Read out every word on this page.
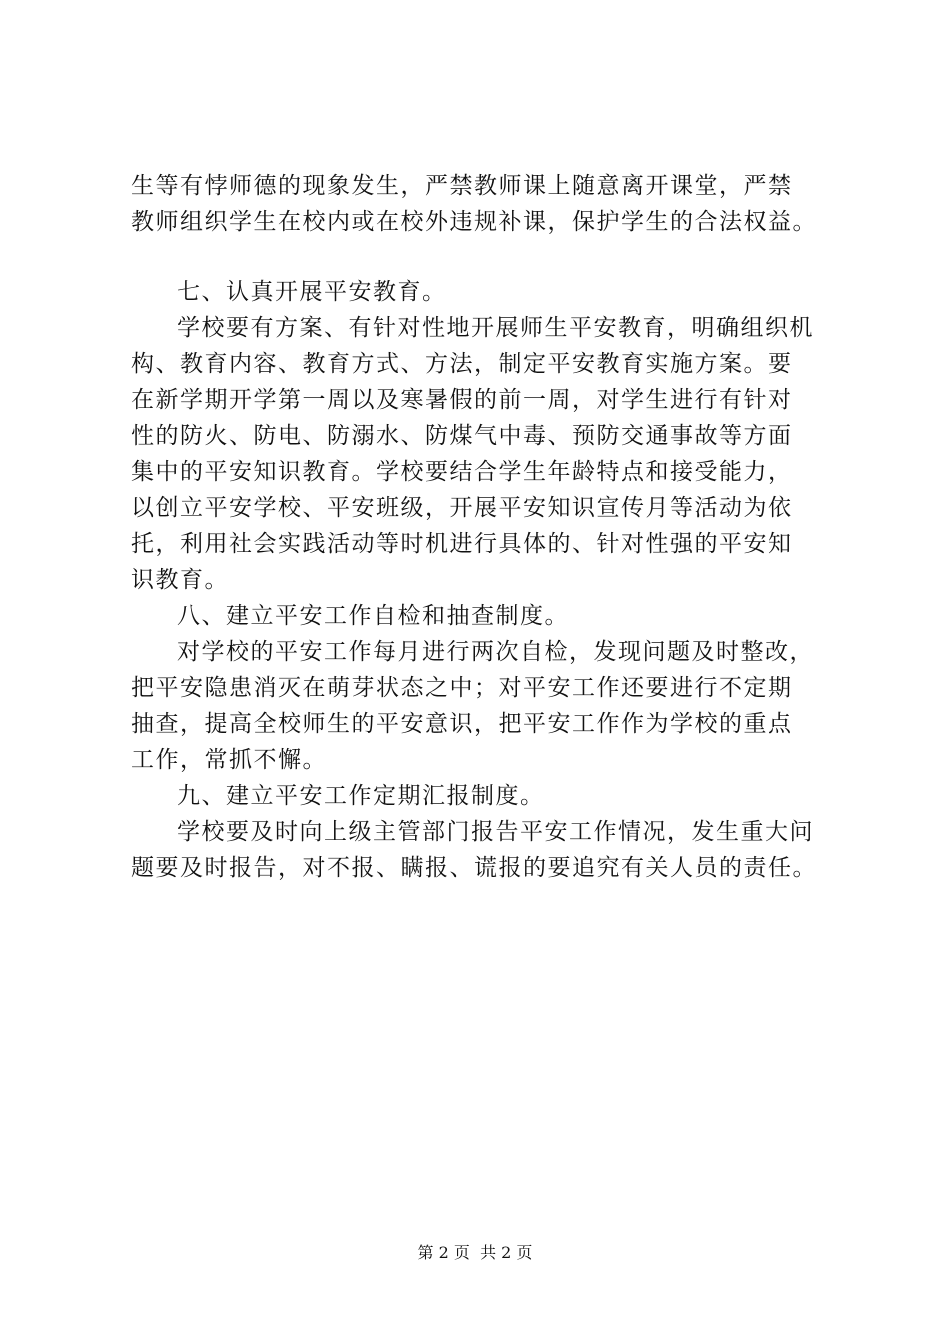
生等有悖师德的现象发生，严禁教师课上随意离开课堂，严禁
教师组织学生在校内或在校外违规补课，保护学生的合法权益。
七、认真开展平安教育。
学校要有方案、有针对性地开展师生平安教育，明确组织机
构、教育内容、教育方式、方法，制定平安教育实施方案。要
在新学期开学第一周以及寒暑假的前一周，对学生进行有针对
性的防火、防电、防溺水、防煤气中毒、预防交通事故等方面
集中的平安知识教育。学校要结合学生年龄特点和接受能力，
以创立平安学校、平安班级，开展平安知识宣传月等活动为依
托，利用社会实践活动等时机进行具体的、针对性强的平安知
识教育。
八、建立平安工作自检和抽查制度。
对学校的平安工作每月进行两次自检，发现问题及时整改，
把平安隐患消灭在萌芽状态之中；对平安工作还要进行不定期
抽查，提高全校师生的平安意识，把平安工作作为学校的重点
工作，常抓不懈。
九、建立平安工作定期汇报制度。
学校要及时向上级主管部门报告平安工作情况，发生重大问
题要及时报告，对不报、瞒报、谎报的要追究有关人员的责任。
第 2 页  共 2 页
